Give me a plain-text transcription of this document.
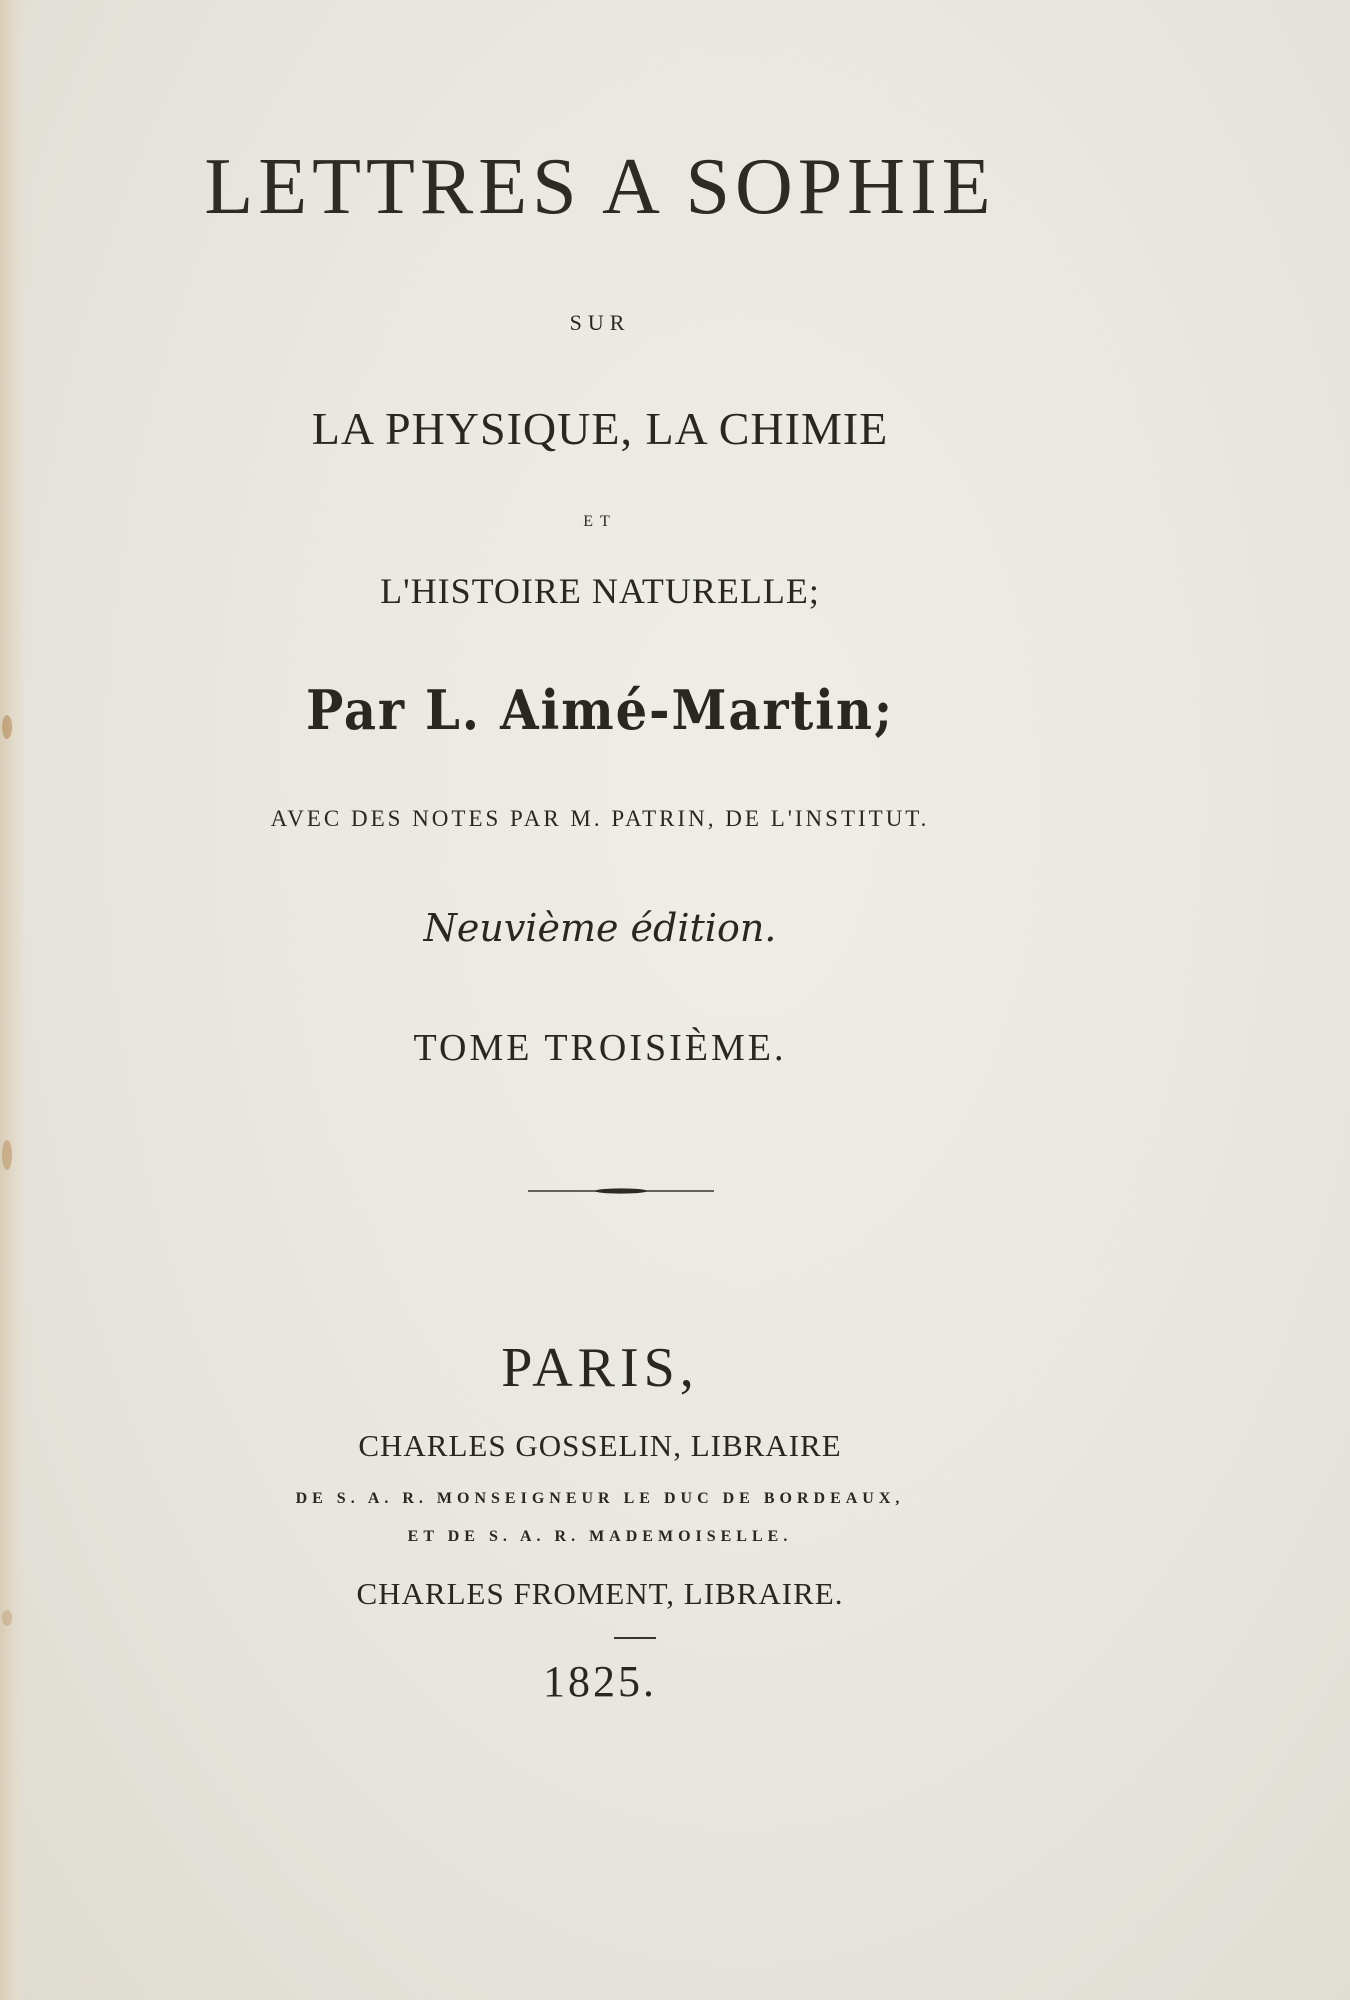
LETTRES A SOPHIE
SUR
LA PHYSIQUE, LA CHIMIE
ET
L'HISTOIRE NATURELLE;
Par L. Aimé-Martin;
AVEC DES NOTES PAR M. PATRIN, DE L'INSTITUT.
Neuvième édition.
TOME TROISIÈME.
PARIS,
CHARLES GOSSELIN, LIBRAIRE
DE S. A. R. MONSEIGNEUR LE DUC DE BORDEAUX,
ET DE S. A. R. MADEMOISELLE.
CHARLES FROMENT, LIBRAIRE.
1825.
